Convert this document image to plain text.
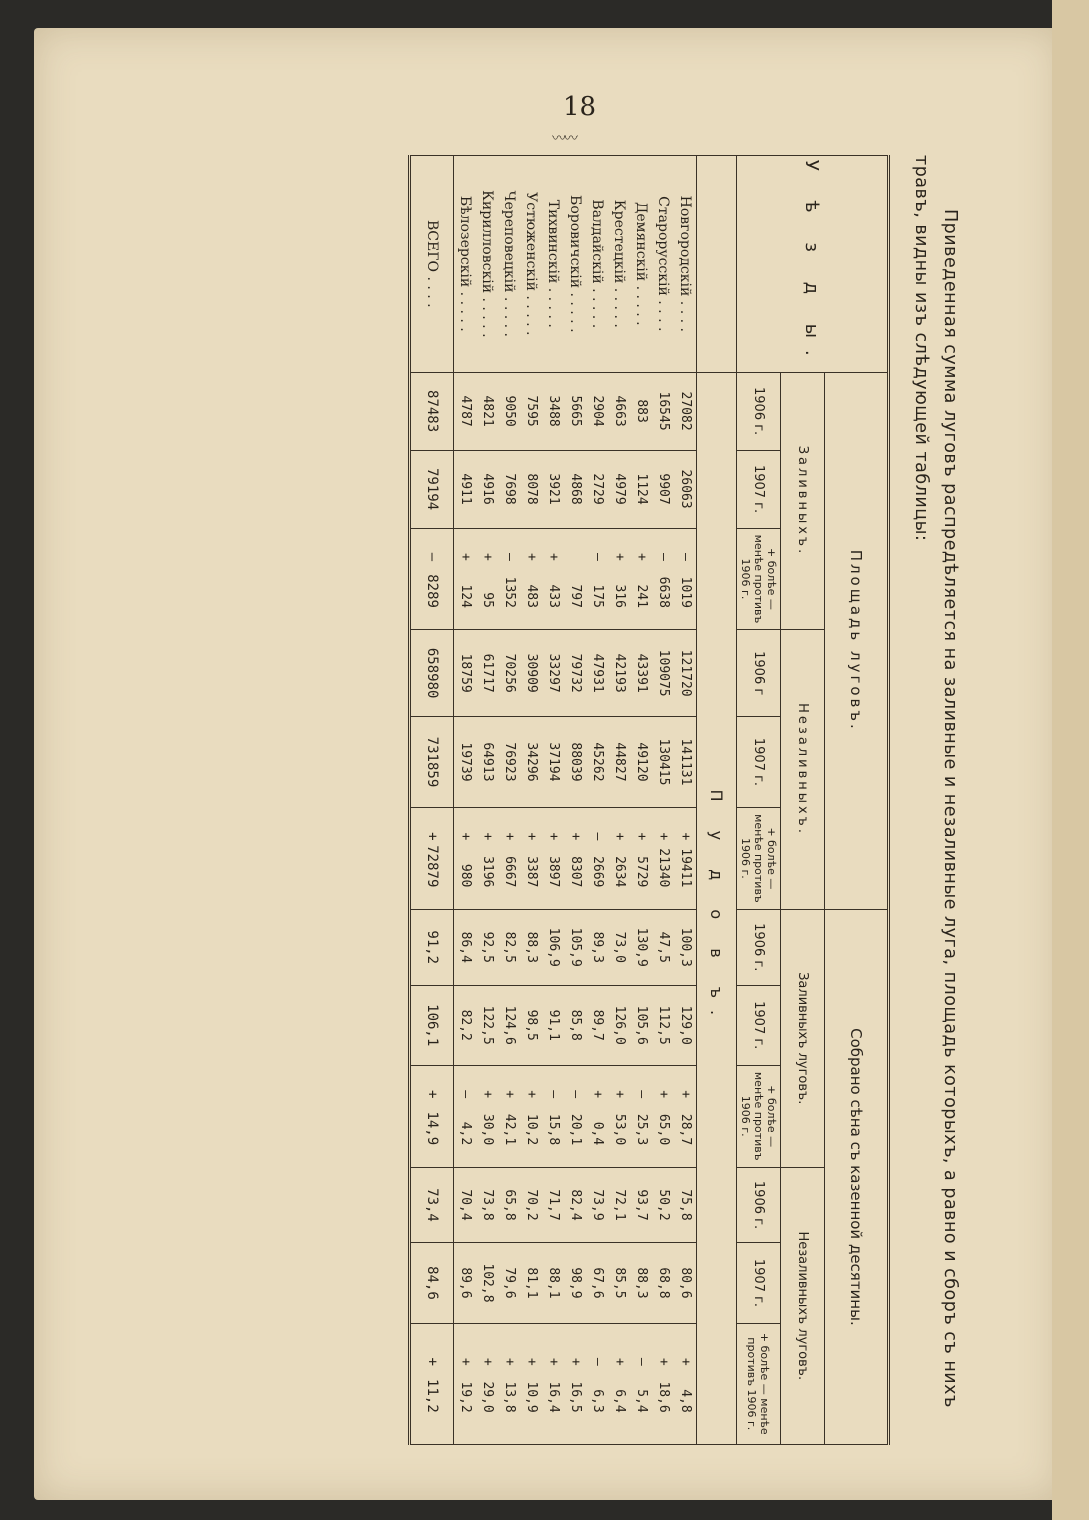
18
〰〰
Приведенная сумма луговъ распредѣляется на заливные и незаливные луга, площадь которыхъ, а равно и сборъ съ нихъ травъ, видны изъ слѣдующей таблицы:
У ѣ з д ы.	Площадь луговъ.						Собрано сѣна съ казенной десятины.					
	Заливныхъ.			Незаливныхъ.			Заливныхъ луговъ.			Незаливныхъ луговъ.		
	1906 г.	1907 г.	+ болѣе — менѣе противъ 1906 г.	1906 г	1907 г.	+ болѣе — менѣе противъ 1906 г.	1906 г.	1907 г.	+ болѣе — менѣе противъ 1906 г.	1906 г.	1907 г.	+ болѣе — менѣе противъ 1906 г.
	П у д о в ъ.											
Новгородскій . . . .	27082	26063	—1019	121720	141131	+19411	100,3	129,0	+28,7	75,8	80,6	+4,8
Старорусскій . . . .	16545	9907	—6638	109075	130415	+21340	47,5	112,5	+65,0	50,2	68,8	+18,6
Демянскій . . . . .	883	1124	+241	43391	49120	+5729	130,9	105,6	—25,3	93,7	88,3	—5,4
Крестецкій . . . . .	4663	4979	+316	42193	44827	+2634	73,0	126,0	+53,0	72,1	85,5	+6,4
Валдайскій . . . . .	2904	2729	—175	47931	45262	—2669	89,3	89,7	+0,4	73,9	67,6	—6,3
Боровичскій . . . . .	5665	4868	797	79732	88039	+8307	105,9	85,8	—20,1	82,4	98,9	+16,5
Тихвинскій . . . . .	3488	3921	+433	33297	37194	+3897	106,9	91,1	—15,8	71,7	88,1	+16,4
Устюженскій . . . . .	7595	8078	+483	30909	34296	+3387	88,3	98,5	+10,2	70,2	81,1	+10,9
Череповецкій . . . . .	9050	7698	—1352	70256	76923	+6667	82,5	124,6	+42,1	65,8	79,6	+13,8
Кирилловскій . . . . .	4821	4916	+95	61717	64913	+3196	92,5	122,5	+30,0	73,8	102,8	+29,0
Бѣлозерскій . . . . .	4787	4911	+124	18759	19739	+980	86,4	82,2	—4,2	70,4	89,6	+19,2
ВСЕГО . . . .	87483	79194	—8289	658980	731859	+72879	91,2	106,1	+14,9	73,4	84,6	+11,2
